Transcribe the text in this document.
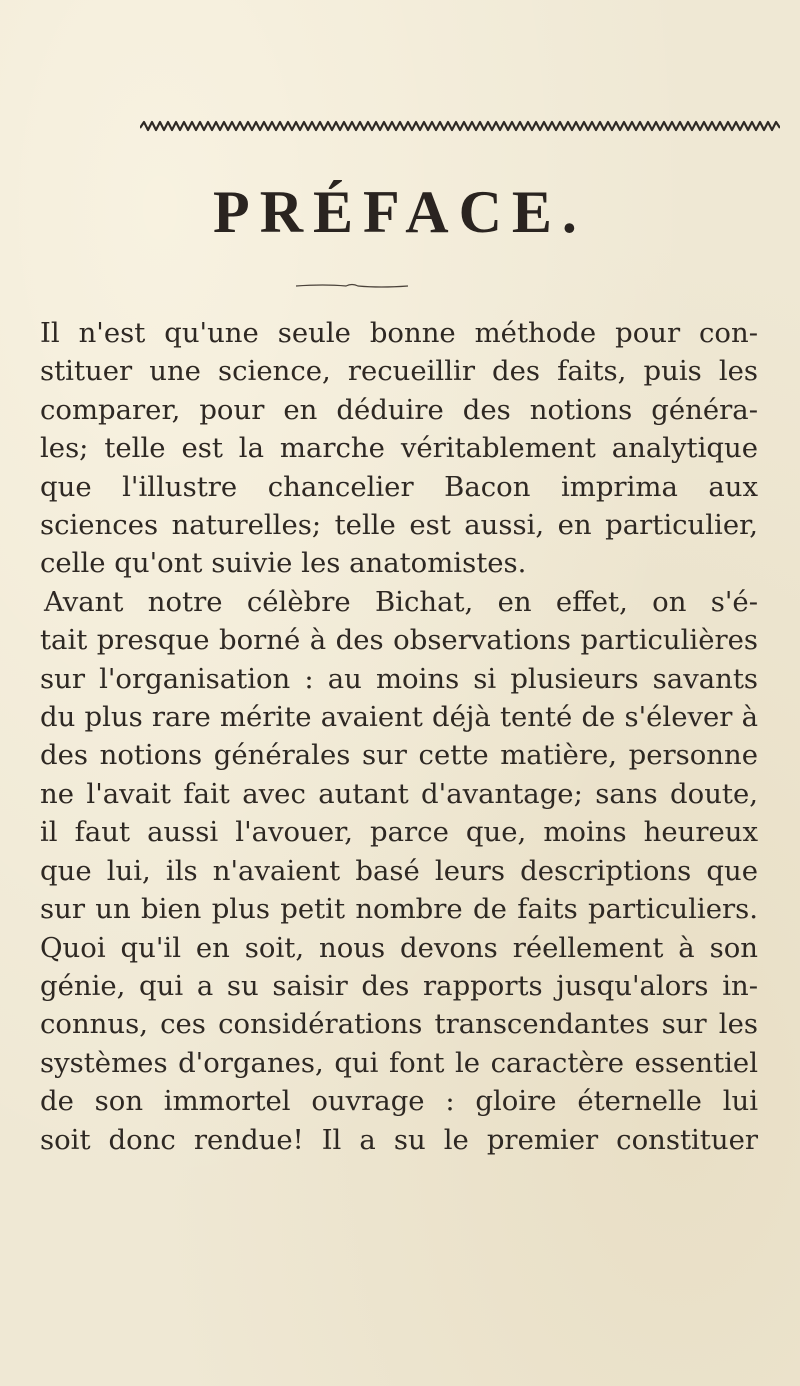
PRÉFACE.
Il n'est qu'une seule bonne méthode pour con-
stituer une science, recueillir des faits, puis les
comparer, pour en déduire des notions généra-
les; telle est la marche véritablement analytique
que l'illustre chancelier Bacon imprima aux
sciences naturelles; telle est aussi, en particulier,
celle qu'ont suivie les anatomistes.
Avant notre célèbre Bichat, en effet, on s'é-
tait presque borné à des observations particulières
sur l'organisation : au moins si plusieurs savants
du plus rare mérite avaient déjà tenté de s'élever à
des notions générales sur cette matière, personne
ne l'avait fait avec autant d'avantage; sans doute,
il faut aussi l'avouer, parce que, moins heureux
que lui, ils n'avaient basé leurs descriptions que
sur un bien plus petit nombre de faits particuliers.
Quoi qu'il en soit, nous devons réellement à son
génie, qui a su saisir des rapports jusqu'alors in-
connus, ces considérations transcendantes sur les
systèmes d'organes, qui font le caractère essentiel
de son immortel ouvrage : gloire éternelle lui
soit donc rendue! Il a su le premier constituer
